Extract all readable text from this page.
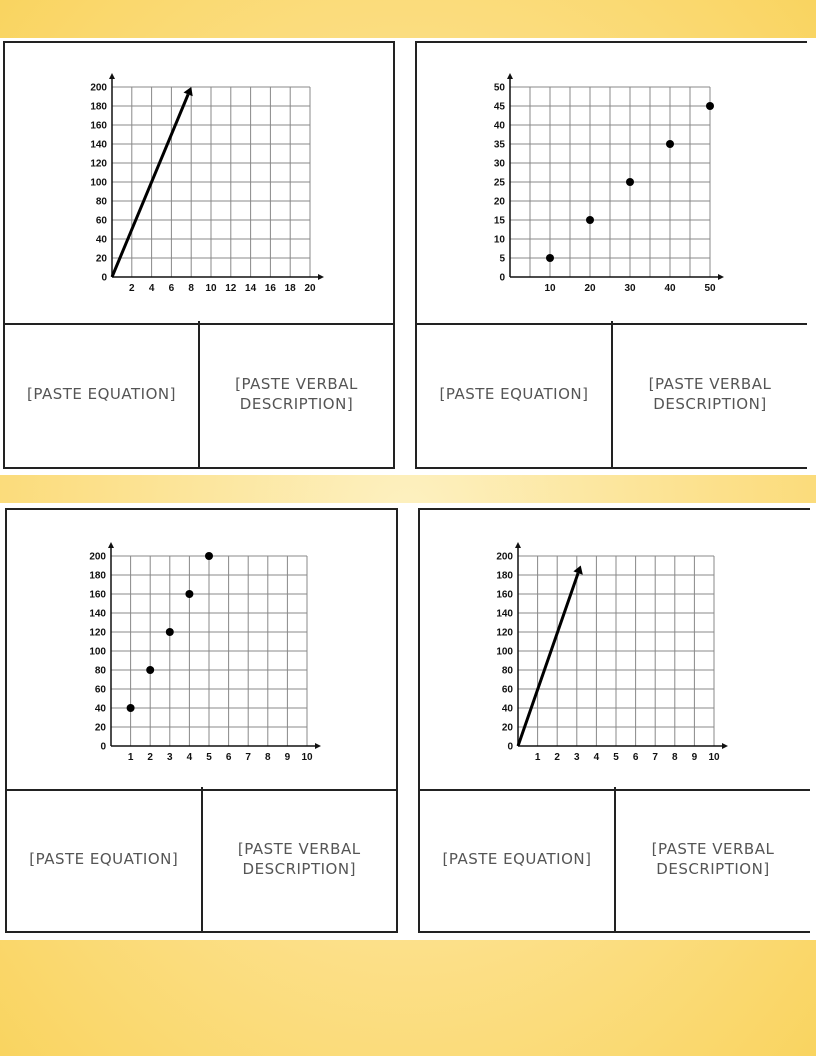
2 4 6 8 10 12 14 16 18 20
0
20
40
60
80
100
120
140
160
180
200
[PASTE EQUATION]
[PASTE VERBAL
DESCRIPTION]
10	20	30	40	50
0
5
10
15
20
25
30
35
40
45
50
[PASTE EQUATION]
[PASTE VERBAL
DESCRIPTION]
1 2 3 4 5 6 7 8 9 10
0
20
40
60
80
100
120
140
160
180
200
[PASTE EQUATION]
[PASTE VERBAL
DESCRIPTION]
1 2 3 4 5 6 7 8 9 10
0
20
40
60
80
100
120
140
160
180
200
[PASTE EQUATION]
[PASTE VERBAL
DESCRIPTION]
